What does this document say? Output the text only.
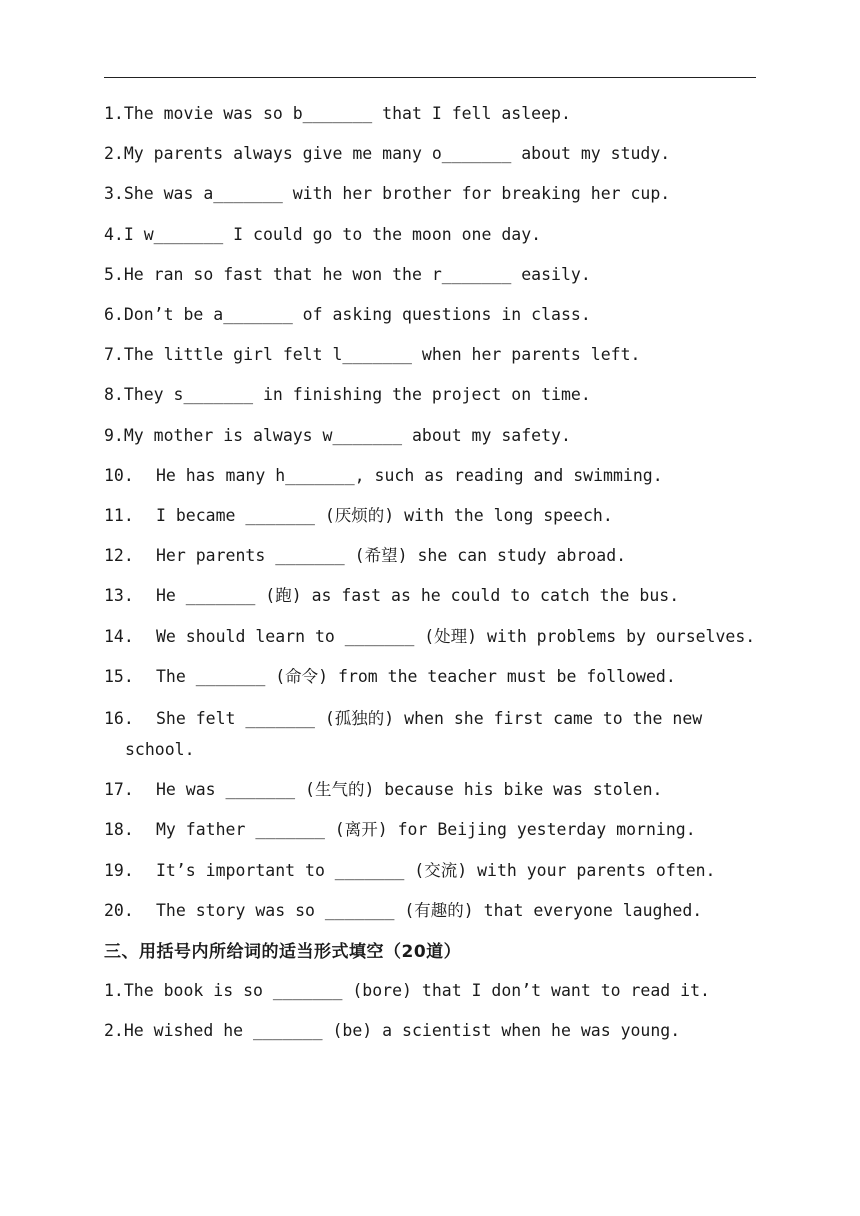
1.The movie was so b_______ that I fell asleep.
2.My parents always give me many o_______ about my study.
3.She was a_______ with her brother for breaking her cup.
4.I w_______ I could go to the moon one day.
5.He ran so fast that he won the r_______ easily.
6.Don’t be a_______ of asking questions in class.
7.The little girl felt l_______ when her parents left.
8.They s_______ in finishing the project on time.
9.My mother is always w_______ about my safety.
10. He has many h_______, such as reading and swimming.
11. I became _______ (厌烦的) with the long speech.
12. Her parents _______ (希望) she can study abroad.
13. He _______ (跑) as fast as he could to catch the bus.
14. We should learn to _______ (处理) with problems by ourselves.
15. The _______ (命令) from the teacher must be followed.
16. She felt _______ (孤独的) when she first came to the new school.
17. He was _______ (生气的) because his bike was stolen.
18. My father _______ (离开) for Beijing yesterday morning.
19. It’s important to _______ (交流) with your parents often.
20. The story was so _______ (有趣的) that everyone laughed.
三、用括号内所给词的适当形式填空（20道）
1.The book is so _______ (bore) that I don’t want to read it.
2.He wished he _______ (be) a scientist when he was young.
